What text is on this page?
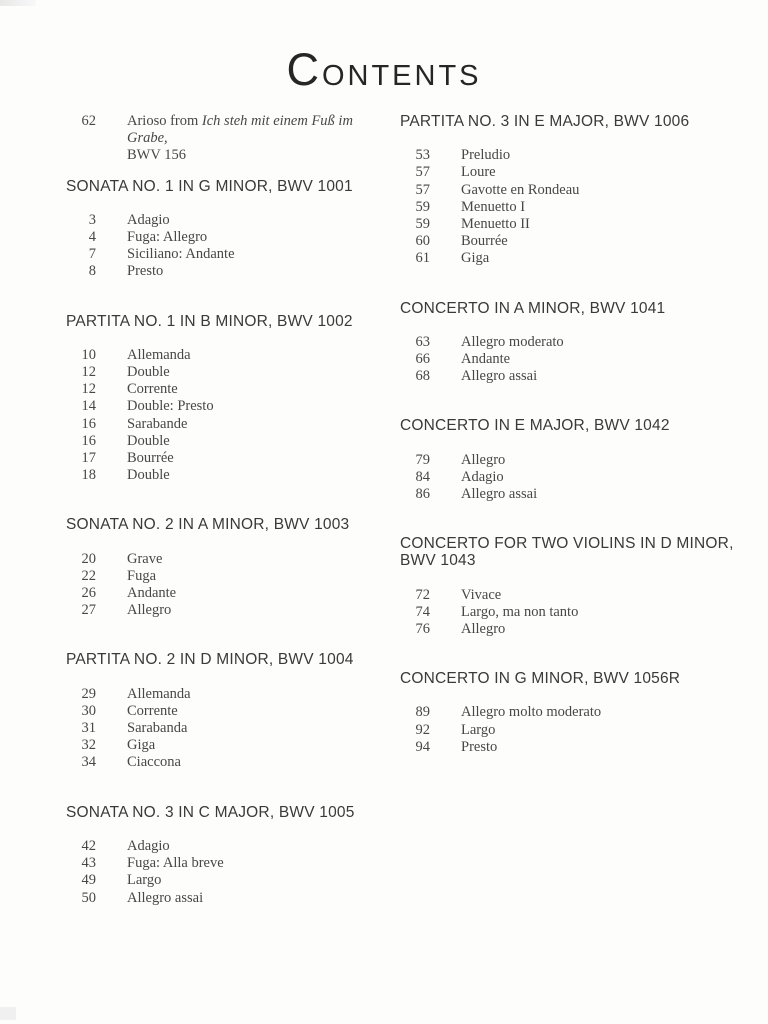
CONTENTS
62 Arioso from Ich steh mit einem Fuß im Grabe,
BWV 156
SONATA NO. 1 IN G MINOR, BWV 1001
3 Adagio
4 Fuga: Allegro
7 Siciliano: Andante
8 Presto
PARTITA NO. 1 IN B MINOR, BWV 1002
10 Allemanda
12 Double
12 Corrente
14 Double: Presto
16 Sarabande
16 Double
17 Bourrée
18 Double
SONATA NO. 2 IN A MINOR, BWV 1003
20 Grave
22 Fuga
26 Andante
27 Allegro
PARTITA NO. 2 IN D MINOR, BWV 1004
29 Allemanda
30 Corrente
31 Sarabanda
32 Giga
34 Ciaccona
SONATA NO. 3 IN C MAJOR, BWV 1005
42 Adagio
43 Fuga: Alla breve
49 Largo
50 Allegro assai
PARTITA NO. 3 IN E MAJOR, BWV 1006
53 Preludio
57 Loure
57 Gavotte en Rondeau
59 Menuetto I
59 Menuetto II
60 Bourrée
61 Giga
CONCERTO IN A MINOR, BWV 1041
63 Allegro moderato
66 Andante
68 Allegro assai
CONCERTO IN E MAJOR, BWV 1042
79 Allegro
84 Adagio
86 Allegro assai
CONCERTO FOR TWO VIOLINS IN D MINOR,
BWV 1043
72 Vivace
74 Largo, ma non tanto
76 Allegro
CONCERTO IN G MINOR, BWV 1056R
89 Allegro molto moderato
92 Largo
94 Presto
